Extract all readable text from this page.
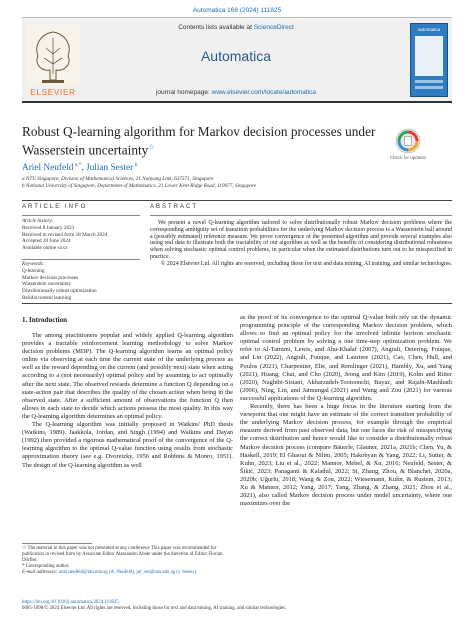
Automatica 168 (2024) 111825
ELSEVIER
Contents lists available at ScienceDirect
Automatica
journal homepage: www.elsevier.com/locate/automatica
automatica
Robust Q-learning algorithm for Markov decision processes under
Wasserstein uncertainty☆
Check for updates
Ariel Neufeld $^{a,*}$, Julian Sester $^b$
a NTU Singapore, Division of Mathematical Sciences, 21 Nanyang Link, 637371, Singapore
b National University of Singapore, Department of Mathematics, 21 Lower Kent Ridge Road, 119077, Singapore
ARTICLE INFO
Article history:
Received 8 January 2023
Received in revised form 18 March 2024
Accepted 20 June 2024
Available online xxxx
Keywords:
Q-learning
Markov decision processes
Wasserstein uncertainty
Distributionally robust optimization
Reinforcement learning
ABSTRACT

We present a novel Q-learning algorithm tailored to solve distributionally robust Markov decision problems where the corresponding ambiguity set of transition probabilities for the underlying Markov decision process is a Wasserstein ball around a (possibly estimated) reference measure. We prove convergence of the presented algorithm and provide several examples also using real data to illustrate both the tractability of our algorithm as well as the benefits of considering distributional robustness when solving stochastic optimal control problems, in particular when the estimated distributions turn out to be misspecified in practice.

© 2024 Elsevier Ltd. All rights are reserved, including those for text and data mining, AI training, and similar technologies.

1. Introduction

The among practitioners popular and widely applied Q-learning algorithm provides a tractable reinforcement learning methodology to solve Markov decision problems (MDP). The Q-learning algorithm learns an optimal policy online via observing at each time the current state of the underlying process as well as the reward depending on the current (and possibly next) state when acting according to a (not necessarily) optimal policy and by assuming to act optimally after the next state. The observed rewards determine a function Q depending on a state-action pair that describes the quality of the chosen action when being in the observed state. After a sufficient amount of observations the function Q then allows in each state to decide which actions possess the most quality. In this way the Q-learning algorithm determines an optimal policy.

The Q-learning algorithm was initially proposed in Watkins' PhD thesis (Watkins, 1989). Jaakkola, Jordan, and Singh (1994) and Watkins and Dayan (1992) then provided a rigorous mathematical proof of the convergence of the Q-learning algorithm to the optimal Q-value function using results from stochastic approximation theory (see e.g. Dvoretzky, 1956 and Robbins & Monro, 1951). The design of the Q-learning algorithm as well

as the proof of its convergence to the optimal Q-value both rely on the dynamic programming principle of the corresponding Markov decision problem, which allows to find an optimal policy for the involved infinite horizon stochastic optimal control problem by solving a one time-step optimization problem. We refer to Al-Tamimi, Lewis, and Abu-Khalaf (2007), Angiuli, Detering, Fouque, and Lin (2022), Angiuli, Fouque, and Lauriere (2021), Cao, Chen, Hull, and Poulos (2021), Charpentier, Elie, and Remlinger (2021), Hambly, Xu, and Yang (2021), Huang, Chai, and Cho (2020), Jeong and Kim (2019), Kolm and Ritter (2020), Naghibi-Sistani, Akbarzadeh-Tootoonchi, Bayaz, and Rajabi-Mashhadi (2006), Ning, Lin, and Jaimungal (2021) and Wang and Zou (2021) for various successful applications of the Q-learning algorithm.

Recently, there has been a huge focus in the literature starting from the viewpoint that one might have an estimate of the correct transition probability of the underlying Markov decision process, for example through the empirical measure derived from past observed data, but one faces the risk of misspecifying the correct distribution and hence would like to consider a distributionally robust Markov decision process (compare Bäuerle, Glauner, 2021a, 2021b; Chen, Yu, & Haskell, 2019; El Ghaoui & Nilim, 2005; Hakobyan & Yang, 2022; Li, Sutter, & Kuhn, 2023; Liu et al., 2022; Mannor, Mebel, & Xu, 2016; Neufeld, Sester, & Šikić, 2023; Panaganti & Kalathil, 2022; Si, Zhang, Zhou, & Blanchet, 2020a, 2020b; Uğurlu, 2018; Wang & Zou, 2022; Wiesemann, Kuhn, & Rustem, 2013; Xu & Mannor, 2012; Yang, 2017; Yang, Zhang, & Zhang, 2021; Zhou et al., 2021), also called Markov decision process under model uncertainty, where one maximizes over the

☆ The material in this paper was not presented at any conference This paper was recommended for publication in revised form by Associate Editor Alessandro Abate under the direction of Editor Florian Dörfler.
* Corresponding author.
E-mail addresses: ariel.neufeld@ntu.edu.sg (A. Neufeld), jul_ses@nus.edu.sg (J. Sester).
https://doi.org/10.1016/j.automatica.2024.111825
0005-1098/© 2024 Elsevier Ltd. All rights are reserved, including those for text and data mining, AI training, and similar technologies.
